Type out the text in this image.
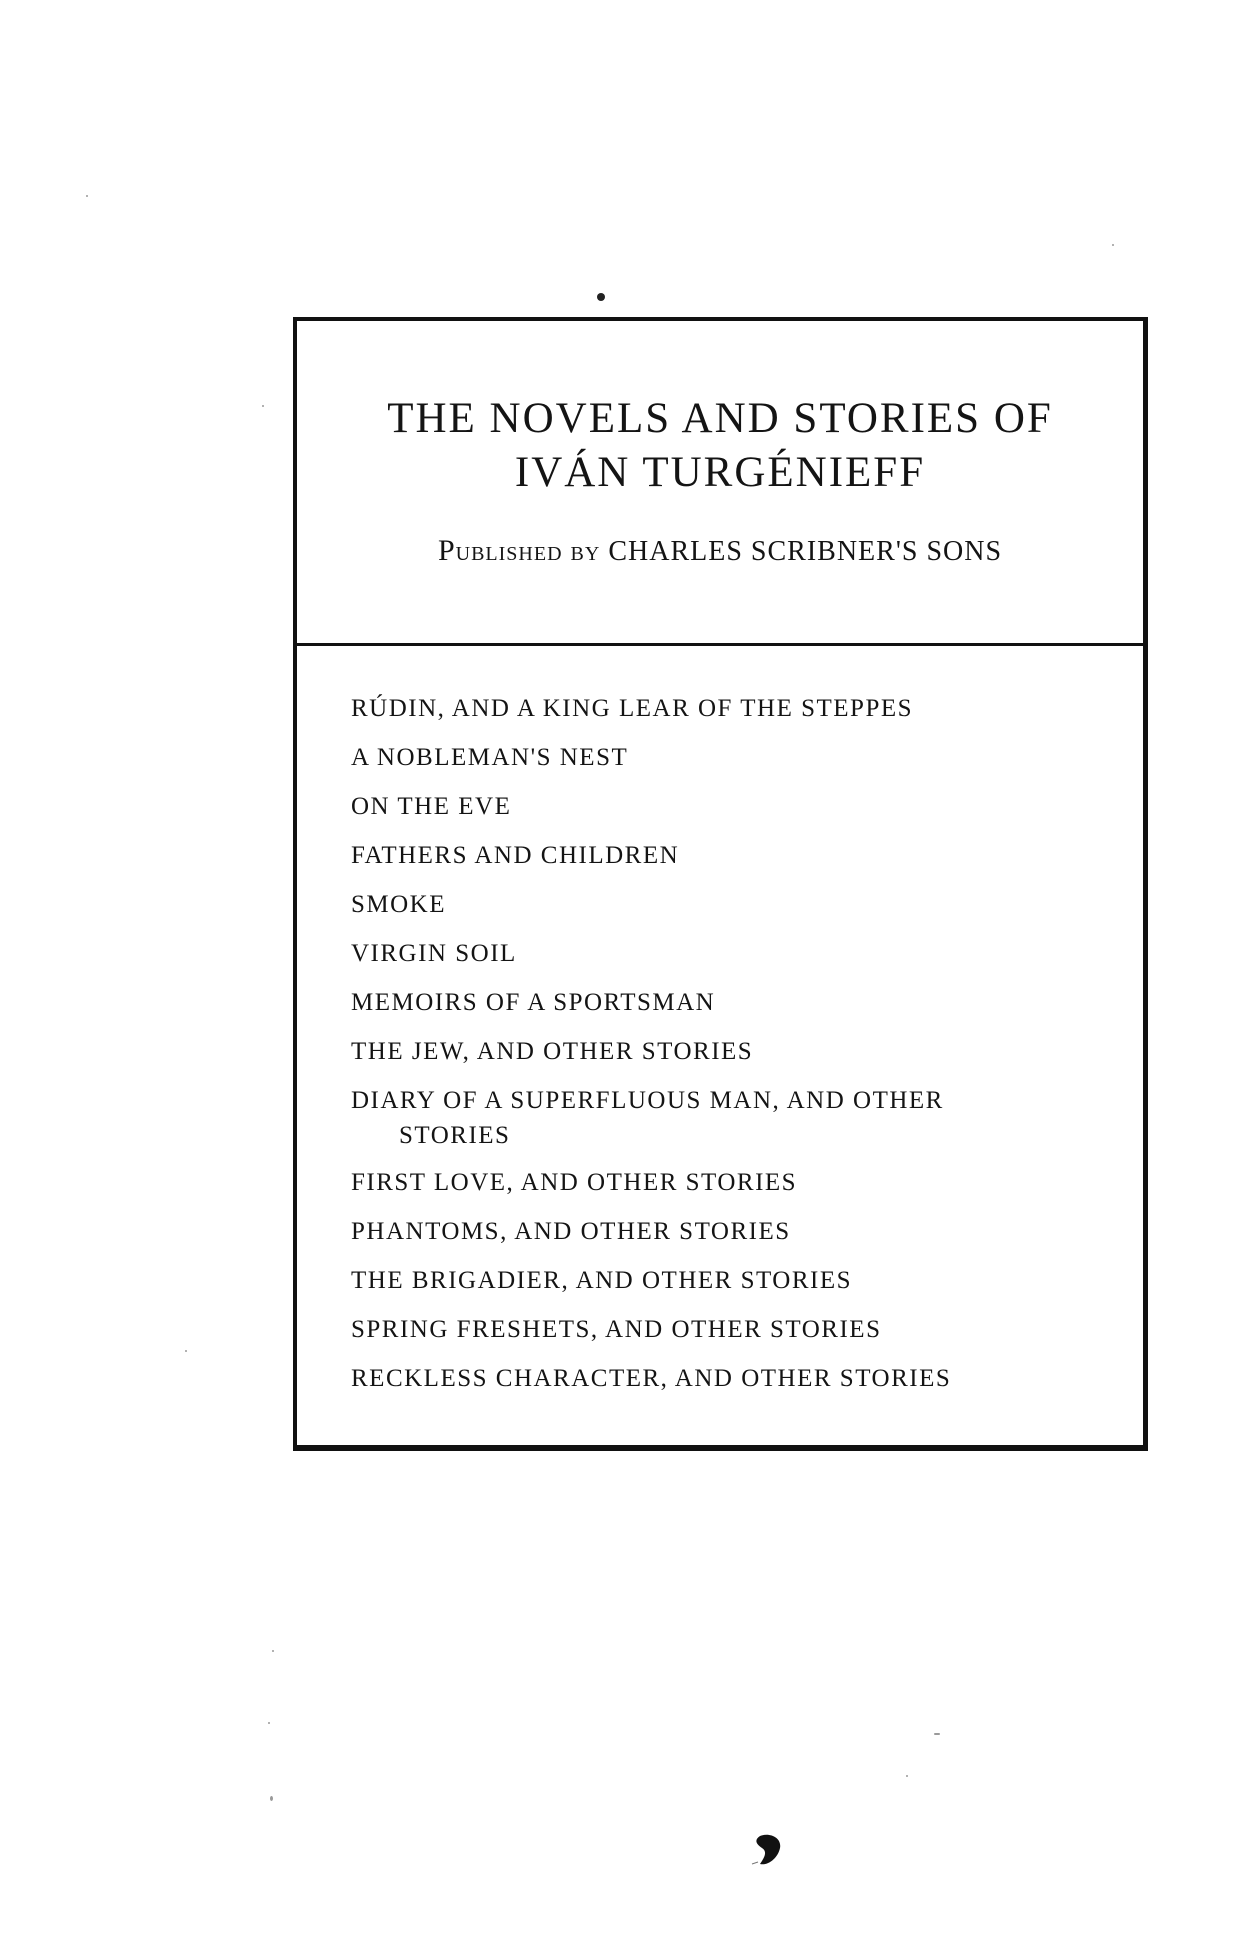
THE NOVELS AND STORIES OF
IVÁN TURGÉNIEFF
PUBLISHED BY CHARLES SCRIBNER'S SONS
RÚDIN, AND A KING LEAR OF THE STEPPES
A NOBLEMAN'S NEST
ON THE EVE
FATHERS AND CHILDREN
SMOKE
VIRGIN SOIL
MEMOIRS OF A SPORTSMAN
THE JEW, AND OTHER STORIES
DIARY OF A SUPERFLUOUS MAN, AND OTHER
STORIES
FIRST LOVE, AND OTHER STORIES
PHANTOMS, AND OTHER STORIES
THE BRIGADIER, AND OTHER STORIES
SPRING FRESHETS, AND OTHER STORIES
RECKLESS CHARACTER, AND OTHER STORIES
